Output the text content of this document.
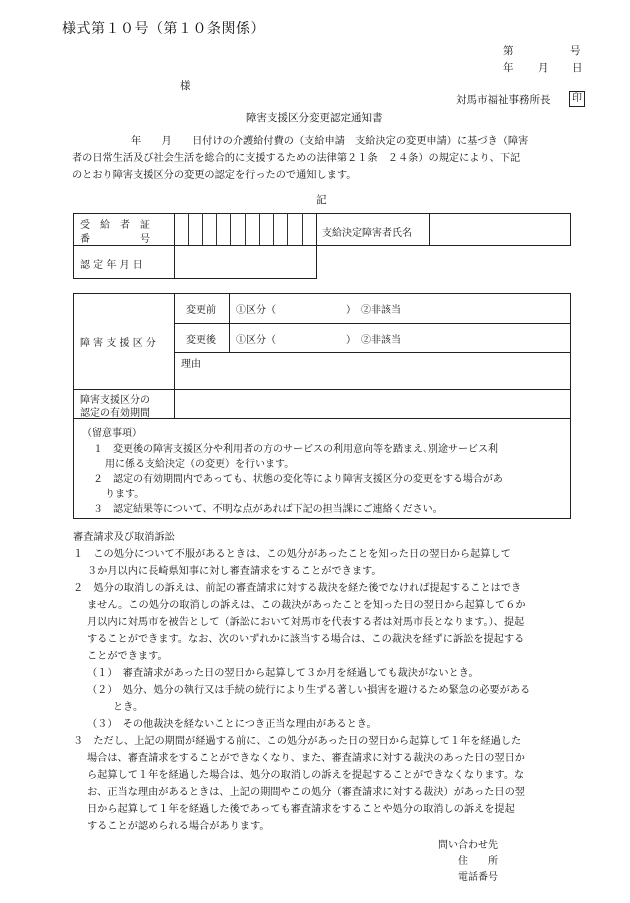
様式第１０号（第１０条関係）
第	号
年 月 日
様
対馬市福祉事務所長	印
障害支援区分変更認定通知書
年　　月　　日付けの介護給付費の（支給申請　支給決定の変更申請）に基づき（障害
者の日常生活及び社会生活を総合的に支援するための法律第２１条　２４条）の規定により、下記
のとおり障害支援区分の変更の認定を行ったので通知します。
記
受　給　者　証
番　　　　　号
支給決定障害者氏名
認 定 年 月 日
障 害 支 援 区 分
変更前 ①区分（　　　　　　　）　②非該当
変更後 ①区分（　　　　　　　）　②非該当
理由
障害支援区分の
認定の有効期間
（留意事項）
１　変更後の障害支援区分や利用者の方のサービスの利用意向等を踏まえ､別途サービス利
用に係る支給決定（の変更）を行います。
２　認定の有効期間内であっても、状態の変化等により障害支援区分の変更をする場合があ
ります。
３　認定結果等について、不明な点があれば下記の担当課にご連絡ください。
審査請求及び取消訴訟
１　この処分について不服があるときは、この処分があったことを知った日の翌日から起算して
３か月以内に長崎県知事に対し審査請求をすることができます。
２　処分の取消しの訴えは、前記の審査請求に対する裁決を経た後でなければ提起することはでき
ません。この処分の取消しの訴えは、この裁決があったことを知った日の翌日から起算して６か
月以内に対馬市を被告として（訴訟において対馬市を代表する者は対馬市長となります。）、提起
することができます。なお、次のいずれかに該当する場合は、この裁決を経ずに訴訟を提起する
ことができます。
（１）　審査請求があった日の翌日から起算して３か月を経過しても裁決がないとき。
（２）　処分、処分の執行又は手続の続行により生ずる著しい損害を避けるため緊急の必要がある
とき。
（３）　その他裁決を経ないことにつき正当な理由があるとき。
３　ただし、上記の期間が経過する前に、この処分があった日の翌日から起算して１年を経過した
場合は、審査請求をすることができなくなり、また、審査請求に対する裁決のあった日の翌日か
ら起算して１年を経過した場合は、処分の取消しの訴えを提起することができなくなります。な
お、正当な理由があるときは、上記の期間やこの処分（審査請求に対する裁決）があった日の翌
日から起算して１年を経過した後であっても審査請求をすることや処分の取消しの訴えを提起
することが認められる場合があります。
問い合わせ先
住　　所
電話番号
